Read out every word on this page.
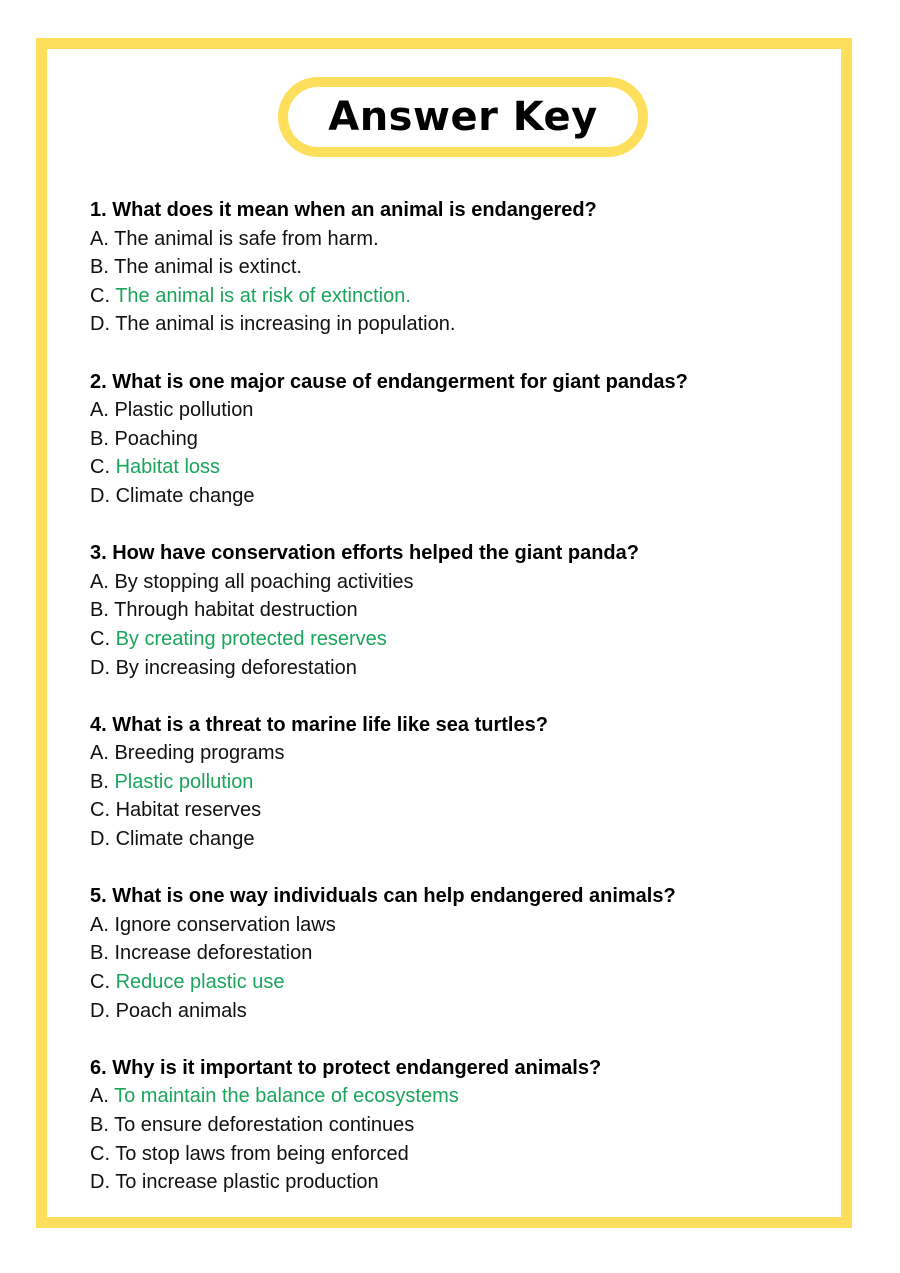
Answer Key
1. What does it mean when an animal is endangered?
A. The animal is safe from harm.
B. The animal is extinct.
C. The animal is at risk of extinction.
D. The animal is increasing in population.
2. What is one major cause of endangerment for giant pandas?
A. Plastic pollution
B. Poaching
C. Habitat loss
D. Climate change
3. How have conservation efforts helped the giant panda?
A. By stopping all poaching activities
B. Through habitat destruction
C. By creating protected reserves
D. By increasing deforestation
4. What is a threat to marine life like sea turtles?
A. Breeding programs
B. Plastic pollution
C. Habitat reserves
D. Climate change
5. What is one way individuals can help endangered animals?
A. Ignore conservation laws
B. Increase deforestation
C. Reduce plastic use
D. Poach animals
6. Why is it important to protect endangered animals?
A. To maintain the balance of ecosystems
B. To ensure deforestation continues
C. To stop laws from being enforced
D. To increase plastic production
